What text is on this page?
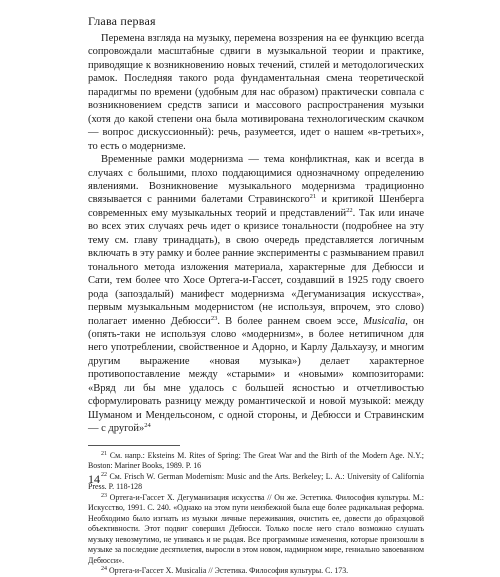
Глава первая

Перемена взгляда на музыку, перемена воззрения на ее функцию всегда сопровождали масштабные сдвиги в музыкальной теории и практике, приводящие к возникновению новых течений, стилей и методологических рамок. Последняя такого рода фундаментальная смена теоретической парадигмы по времени (удобным для нас образом) практически совпала с возникновением средств записи и массового распространения музыки (хотя до какой степени она была мотивирована технологическим скачком — вопрос дискуссионный): речь, разумеется, идет о нашем «в-третьих», то есть о модернизме.

Временные рамки модернизма — тема конфликтная, как и всегда в случаях с большими, плохо поддающимися однозначному определению явлениями. Возникновение музыкального модернизма традиционно связывается с ранними балетами Стравинского$^{21}$ и критикой Шенберга современных ему музыкальных теорий и представлений$^{22}$. Так или иначе во всех этих случаях речь идет о кризисе тональности (подробнее на эту тему см. главу тринадцать), в свою очередь представляется логичным включать в эту рамку и более ранние эксперименты с размыванием правил тонального метода изложения материала, характерные для Дебюсси и Сати, тем более что Хосе Ортега-и-Гассет, создавший в 1925 году своего рода (запоздалый) манифест модернизма «Дегуманизация искусства», первым музыкальным модернистом (не используя, впрочем, это слово) полагает именно Дебюсси$^{23}$. В более раннем своем эссе, Musicalia, он (опять-таки не используя слово «модернизм», в более нетипичном для него употреблении, свойственное и Адорно, и Карлу Дальхаузу, и многим другим выражение «новая музыка») делает характерное противопоставление между «старыми» и «новыми» композиторами: «Вряд ли бы мне удалось с большей ясностью и отчетливостью сформулировать разницу между романтической и новой музыкой: между Шуманом и Мендельсоном, с одной стороны, и Дебюсси и Стравинским — с другой»$^{24}$

$^{21}$ См. напр.: Eksteins M. Rites of Spring: The Great War and the Birth of the Modern Age. N.Y.; Boston: Mariner Books, 1989. P. 16

$^{22}$ См. Frisch W. German Modernism: Music and the Arts. Berkeley; L. A.: University of California Press. P. 118-128

$^{23}$ Ортега-и-Гассет Х. Дегуманизация искусства // Он же. Эстетика. Философия культуры. М.: Искусство, 1991. С. 240. «Однако на этом пути неизбежной была еще более радикальная реформа. Необходимо было изгнать из музыки личные переживания, очистить ее, довести до образцовой объективности. Этот подвиг совершил Дебюсси. Только после него стало возможно слушать музыку невозмутимо, не упиваясь и не рыдая. Все программные изменения, которые произошли в музыке за последние десятилетия, выросли в этом новом, надмирном мире, гениально завоеванном Дебюсси».

$^{24}$ Ортега-и-Гассет Х. Musicalia // Эстетика. Философия культуры. С. 173.

14
